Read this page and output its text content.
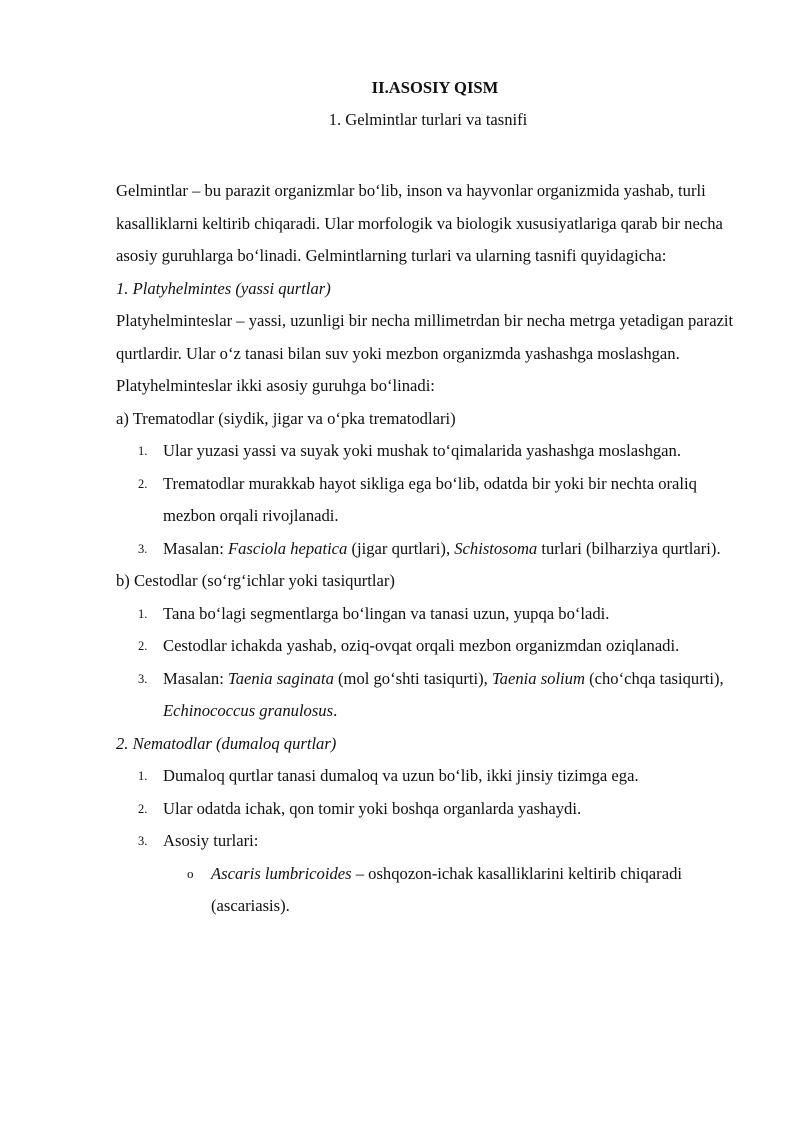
II.ASOSIY QISM
1. Gelmintlar turlari va tasnifi

Gelmintlar – bu parazit organizmlar bo‘lib, inson va hayvonlar organizmida yashab, turli kasalliklarni keltirib chiqaradi. Ular morfologik va biologik xususiyatlariga qarab bir necha asosiy guruhlarga bo‘linadi. Gelmintlarning turlari va ularning tasnifi quyidagicha:

1. Platyhelmintes (yassi qurtlar)

Platyhelminteslar – yassi, uzunligi bir necha millimetrdan bir necha metrga yetadigan parazit qurtlardir. Ular o‘z tanasi bilan suv yoki mezbon organizmda yashashga moslashgan. Platyhelminteslar ikki asosiy guruhga bo‘linadi:

a) Trematodlar (siydik, jigar va o‘pka trematodlari)

1. Ular yuzasi yassi va suyak yoki mushak to‘qimalarida yashashga moslashgan.
2. Trematodlar murakkab hayot sikliga ega bo‘lib, odatda bir yoki bir nechta oraliq mezbon orqali rivojlanadi.
3. Masalan: Fasciola hepatica (jigar qurtlari), Schistosoma turlari (bilharziya qurtlari).

b) Cestodlar (so‘rg‘ichlar yoki tasiqurtlar)

1. Tana bo‘lagi segmentlarga bo‘lingan va tanasi uzun, yupqa bo‘ladi.
2. Cestodlar ichakda yashab, oziq-ovqat orqali mezbon organizmdan oziqlanadi.
3. Masalan: Taenia saginata (mol go‘shti tasiqurti), Taenia solium (cho‘chqa tasiqurti), Echinococcus granulosus.

2. Nematodlar (dumaloq qurtlar)

1. Dumaloq qurtlar tanasi dumaloq va uzun bo‘lib, ikki jinsiy tizimga ega.
2. Ular odatda ichak, qon tomir yoki boshqa organlarda yashaydi.
3. Asosiy turlari:
o Ascaris lumbricoides – oshqozon-ichak kasalliklarini keltirib chiqaradi (ascariasis).
